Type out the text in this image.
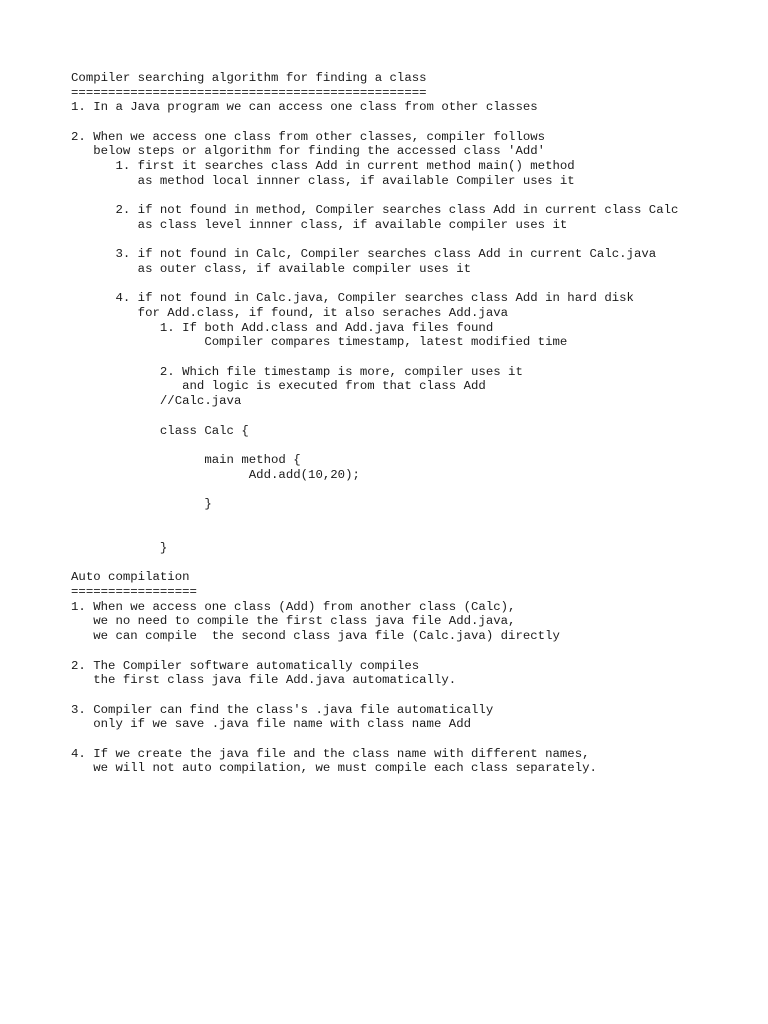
Compiler searching algorithm for finding a class
================================================
1. In a Java program we can access one class from other classes
2. When we access one class from other classes, compiler follows
below steps or algorithm for finding the accessed class 'Add'
1. first it searches class Add in current method main() method
as method local innner class, if available Compiler uses it
2. if not found in method, Compiler searches class Add in current class Calc
as class level innner class, if available compiler uses it
3. if not found in Calc, Compiler searches class Add in current Calc.java
as outer class, if available compiler uses it
4. if not found in Calc.java, Compiler searches class Add in hard disk
for Add.class, if found, it also seraches Add.java
1. If both Add.class and Add.java files found
Compiler compares timestamp, latest modified time
2. Which file timestamp is more, compiler uses it
and logic is executed from that class Add
//Calc.java
class Calc {
main method {
Add.add(10,20);
}
}
Auto compilation
=================
1. When we access one class (Add) from another class (Calc),
we no need to compile the first class java file Add.java,
we can compile  the second class java file (Calc.java) directly
2. The Compiler software automatically compiles
the first class java file Add.java automatically.
3. Compiler can find the class's .java file automatically
only if we save .java file name with class name Add
4. If we create the java file and the class name with different names,
we will not auto compilation, we must compile each class separately.
